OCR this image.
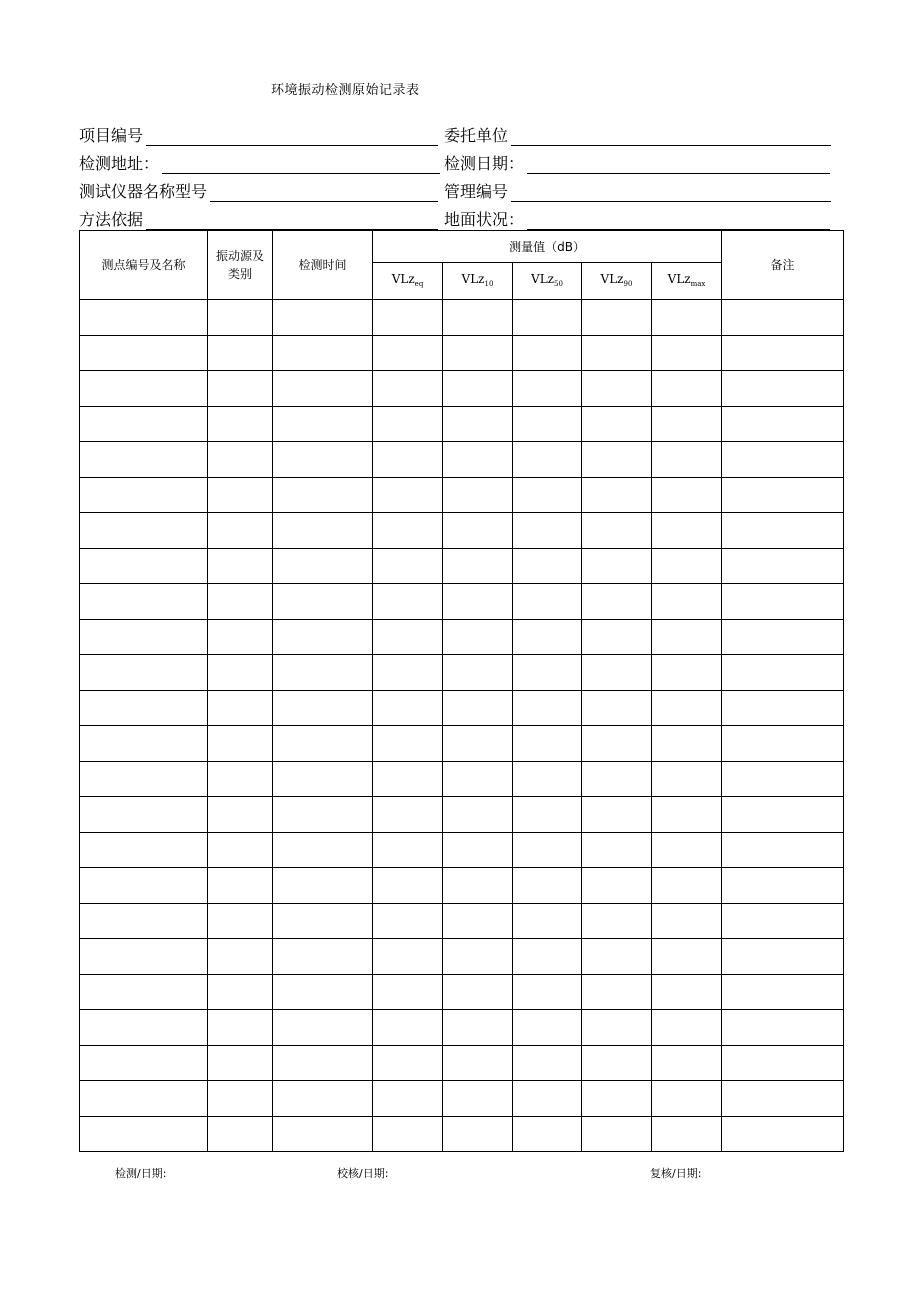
环境振动检测原始记录表
项目编号	委托单位
检测地址：	检测日期：
测试仪器名称型号	管理编号
方法依据	地面状况：
测点编号及名称	振动源及类别	检测时间	测量值（dB）					备注
			VLz$_{eq}$	VLz$_{10}$	VLz$_{50}$	VLz$_{90}$	VLz$_{max}$

检测/日期:	校核/日期:	复核/日期:
